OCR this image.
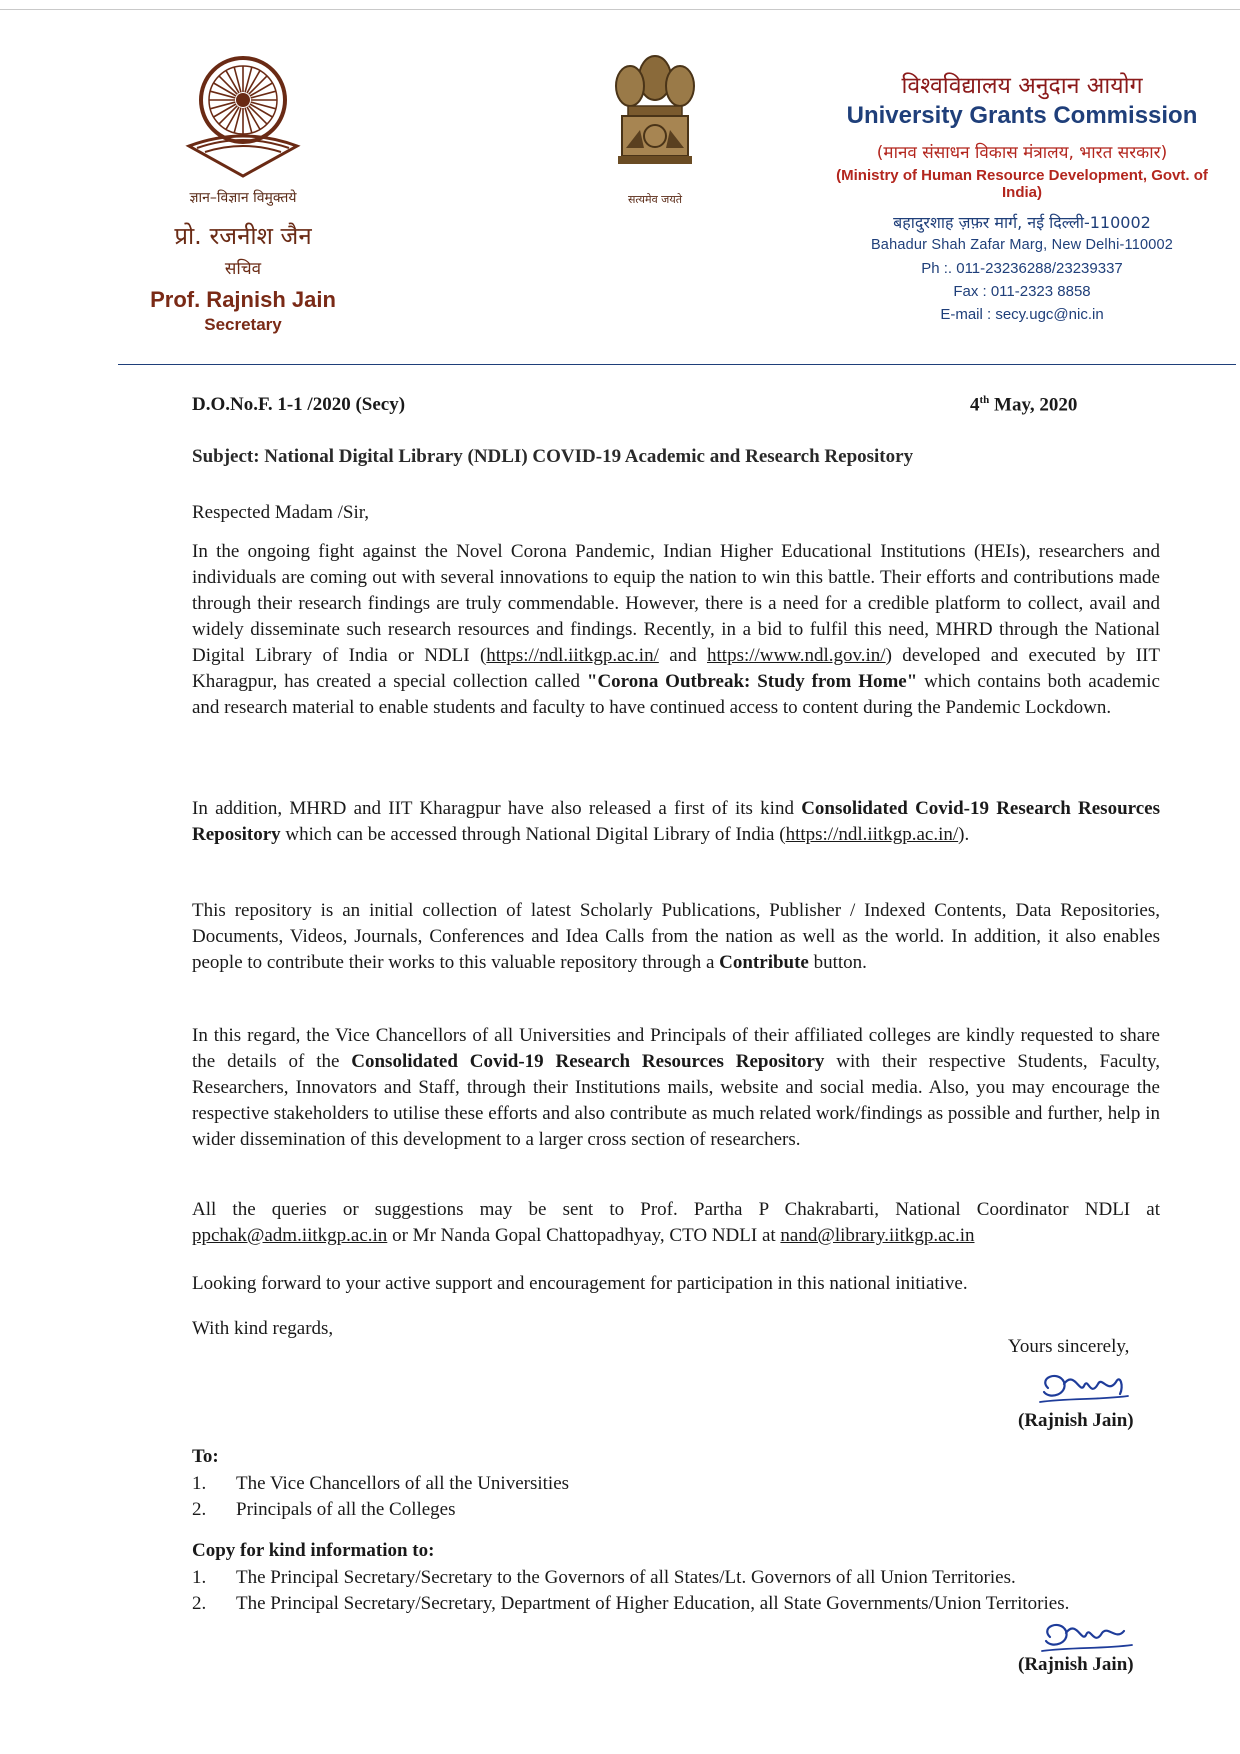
ज्ञान–विज्ञान विमुक्तये
प्रो. रजनीश जैन
सचिव
Prof. Rajnish Jain
Secretary
सत्यमेव जयते
विश्वविद्यालय अनुदान आयोग
University Grants Commission
(मानव संसाधन विकास मंत्रालय, भारत सरकार)
(Ministry of Human Resource Development, Govt. of India)
बहादुरशाह ज़फ़र मार्ग, नई दिल्ली-110002
Bahadur Shah Zafar Marg, New Delhi-110002
Ph :. 011-23236288/23239337
Fax : 011-2323 8858
E-mail : secy.ugc@nic.in
D.O.No.F. 1-1 /2020 (Secy)	4th May, 2020
Subject: National Digital Library (NDLI) COVID-19 Academic and Research Repository
Respected Madam /Sir,

In the ongoing fight against the Novel Corona Pandemic, Indian Higher Educational Institutions (HEIs), researchers and individuals are coming out with several innovations to equip the nation to win this battle. Their efforts and contributions made through their research findings are truly commendable. However, there is a need for a credible platform to collect, avail and widely disseminate such research resources and findings. Recently, in a bid to fulfil this need, MHRD through the National Digital Library of India or NDLI (https://ndl.iitkgp.ac.in/ and https://www.ndl.gov.in/) developed and executed by IIT Kharagpur, has created a special collection called "Corona Outbreak: Study from Home" which contains both academic and research material to enable students and faculty to have continued access to content during the Pandemic Lockdown.

In addition, MHRD and IIT Kharagpur have also released a first of its kind Consolidated Covid-19 Research Resources Repository which can be accessed through National Digital Library of India (https://ndl.iitkgp.ac.in/).

This repository is an initial collection of latest Scholarly Publications, Publisher / Indexed Contents, Data Repositories, Documents, Videos, Journals, Conferences and Idea Calls from the nation as well as the world. In addition, it also enables people to contribute their works to this valuable repository through a Contribute button.

In this regard, the Vice Chancellors of all Universities and Principals of their affiliated colleges are kindly requested to share the details of the Consolidated Covid-19 Research Resources Repository with their respective Students, Faculty, Researchers, Innovators and Staff, through their Institutions mails, website and social media. Also, you may encourage the respective stakeholders to utilise these efforts and also contribute as much related work/findings as possible and further, help in wider dissemination of this development to a larger cross section of researchers.

All the queries or suggestions may be sent to Prof. Partha P Chakrabarti, National Coordinator NDLI at ppchak@adm.iitkgp.ac.in or Mr Nanda Gopal Chattopadhyay, CTO NDLI at nand@library.iitkgp.ac.in

Looking forward to your active support and encouragement for participation in this national initiative.
With kind regards,
Yours sincerely,
(Rajnish Jain)
To:
1.	The Vice Chancellors of all the Universities
2.	Principals of all the Colleges
Copy for kind information to:
1.	The Principal Secretary/Secretary to the Governors of all States/Lt. Governors of all Union Territories.
2.	The Principal Secretary/Secretary, Department of Higher Education, all State Governments/Union Territories.
(Rajnish Jain)
